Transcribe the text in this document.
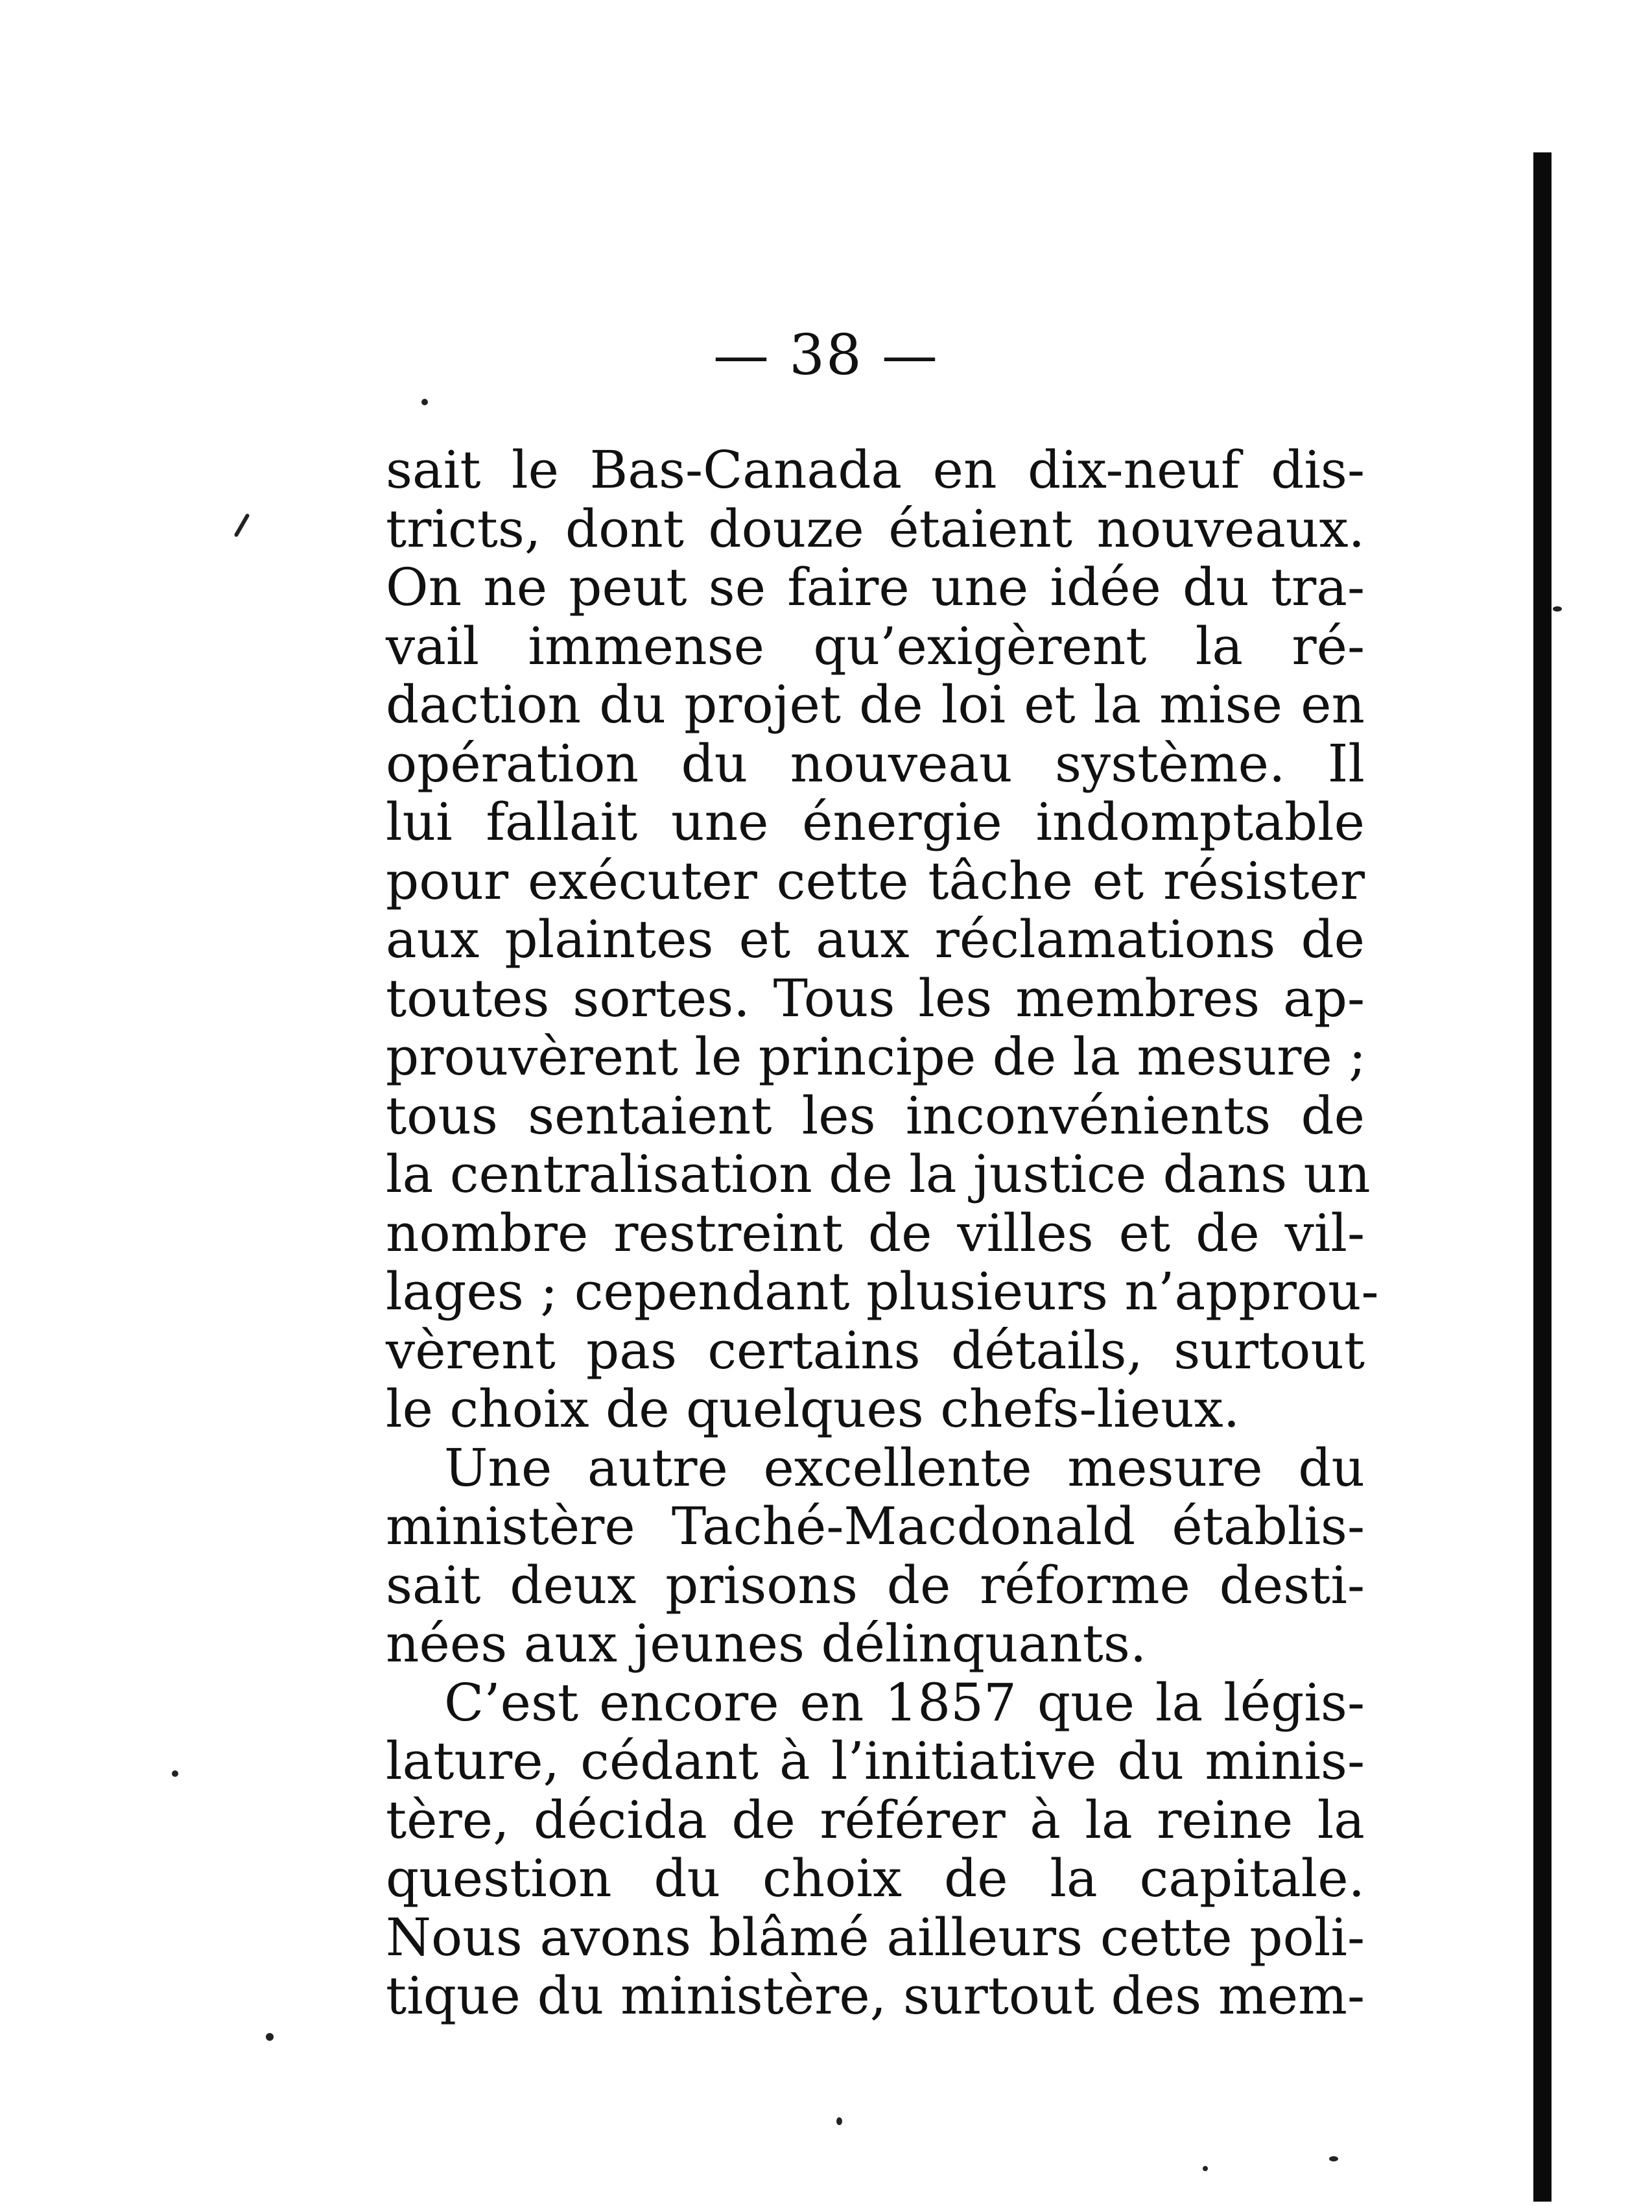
— 38 —
sait le Bas-Canada en dix-neuf dis-
tricts, dont douze étaient nouveaux.
On ne peut se faire une idée du tra-
vail immense qu’exigèrent la ré-
daction du projet de loi et la mise en
opération du nouveau système. Il
lui fallait une énergie indomptable
pour exécuter cette tâche et résister
aux plaintes et aux réclamations de
toutes sortes. Tous les membres ap-
prouvèrent le principe de la mesure ;
tous sentaient les inconvénients de
la centralisation de la justice dans un
nombre restreint de villes et de vil-
lages ; cependant plusieurs n’approu-
vèrent pas certains détails, surtout
le choix de quelques chefs-lieux.
Une autre excellente mesure du
ministère Taché-Macdonald établis-
sait deux prisons de réforme desti-
nées aux jeunes délinquants.
C’est encore en 1857 que la légis-
lature, cédant à l’initiative du minis-
tère, décida de référer à la reine la
question du choix de la capitale.
Nous avons blâmé ailleurs cette poli-
tique du ministère, surtout des mem-
